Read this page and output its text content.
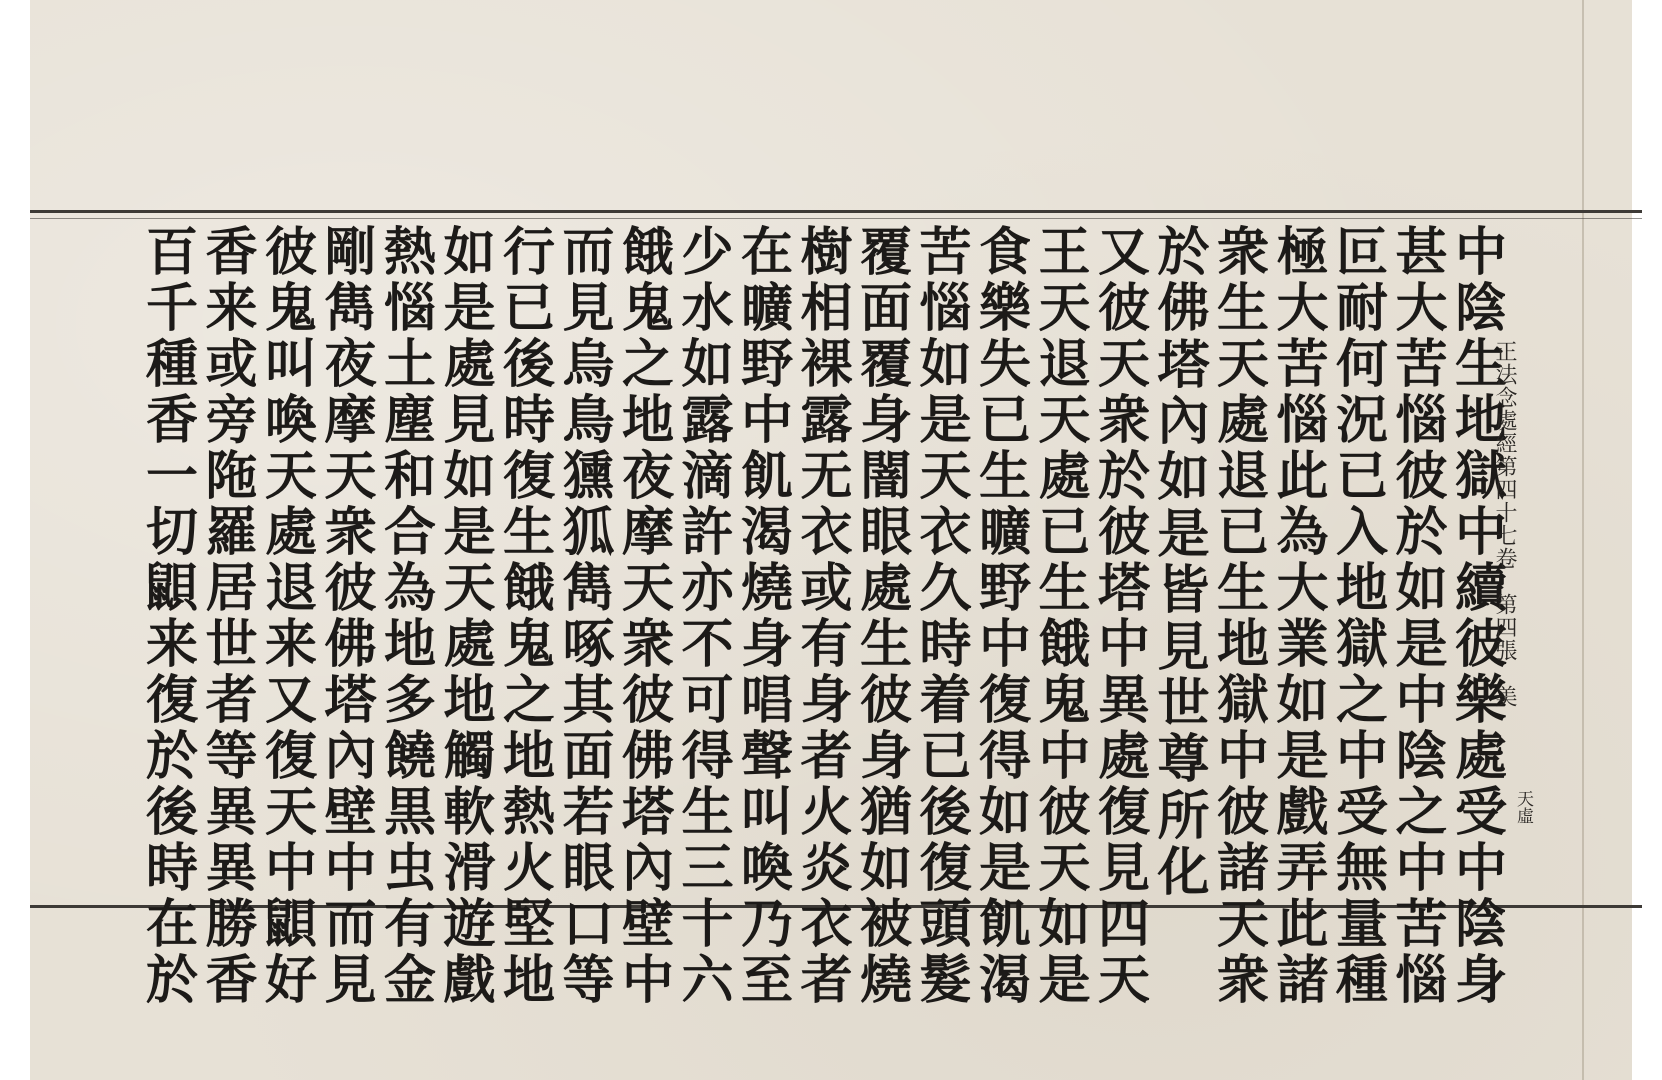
中
陰
生
地
獄
中
續
彼
樂
處
受
中
陰
身
甚
大
苦
惱
彼
於
如
是
中
陰
之
中
苦
惱
叵
耐
何
況
已
入
地
獄
之
中
受
無
量
種
極
大
苦
惱
此
為
大
業
如
是
戲
弄
此
諸
衆
生
天
處
退
已
生
地
獄
中
彼
諸
天
衆
於
佛
塔
內
如
是
皆
見
世
尊
所
化
又
彼
天
衆
於
彼
塔
中
異
處
復
見
四
天
王
天
退
天
處
已
生
餓
鬼
中
彼
天
如
是
食
樂
失
已
生
曠
野
中
復
得
如
是
飢
渴
苦
惱
如
是
天
衣
久
時
着
已
後
復
頭
髮
覆
面
覆
身
闇
眼
處
生
彼
身
猶
如
被
燒
樹
相
裸
露
无
衣
或
有
身
者
火
炎
衣
者
在
曠
野
中
飢
渴
燒
身
唱
聲
叫
喚
乃
至
少
水
如
露
滴
許
亦
不
可
得
生
三
十
六
餓
鬼
之
地
夜
摩
天
衆
彼
佛
塔
內
壁
中
而
見
烏
鳥
獯
狐
雋
啄
其
面
若
眼
口
等
行
已
後
時
復
生
餓
鬼
之
地
熱
火
堅
地
如
是
處
見
如
是
天
處
地
觸
軟
滑
遊
戲
熱
惱
土
塵
和
合
為
地
多
饒
黒
虫
有
金
剛
雋
夜
摩
天
衆
彼
佛
塔
內
壁
中
而
見
彼
鬼
叫
喚
天
處
退
来
又
復
天
中
鼰
好
香
来
或
旁
陁
羅
居
世
者
等
異
異
勝
香
百
千
種
香
一
切
鼰
来
復
於
後
時
在
於
正法念處經第四十七卷　第四張　美
天虛
